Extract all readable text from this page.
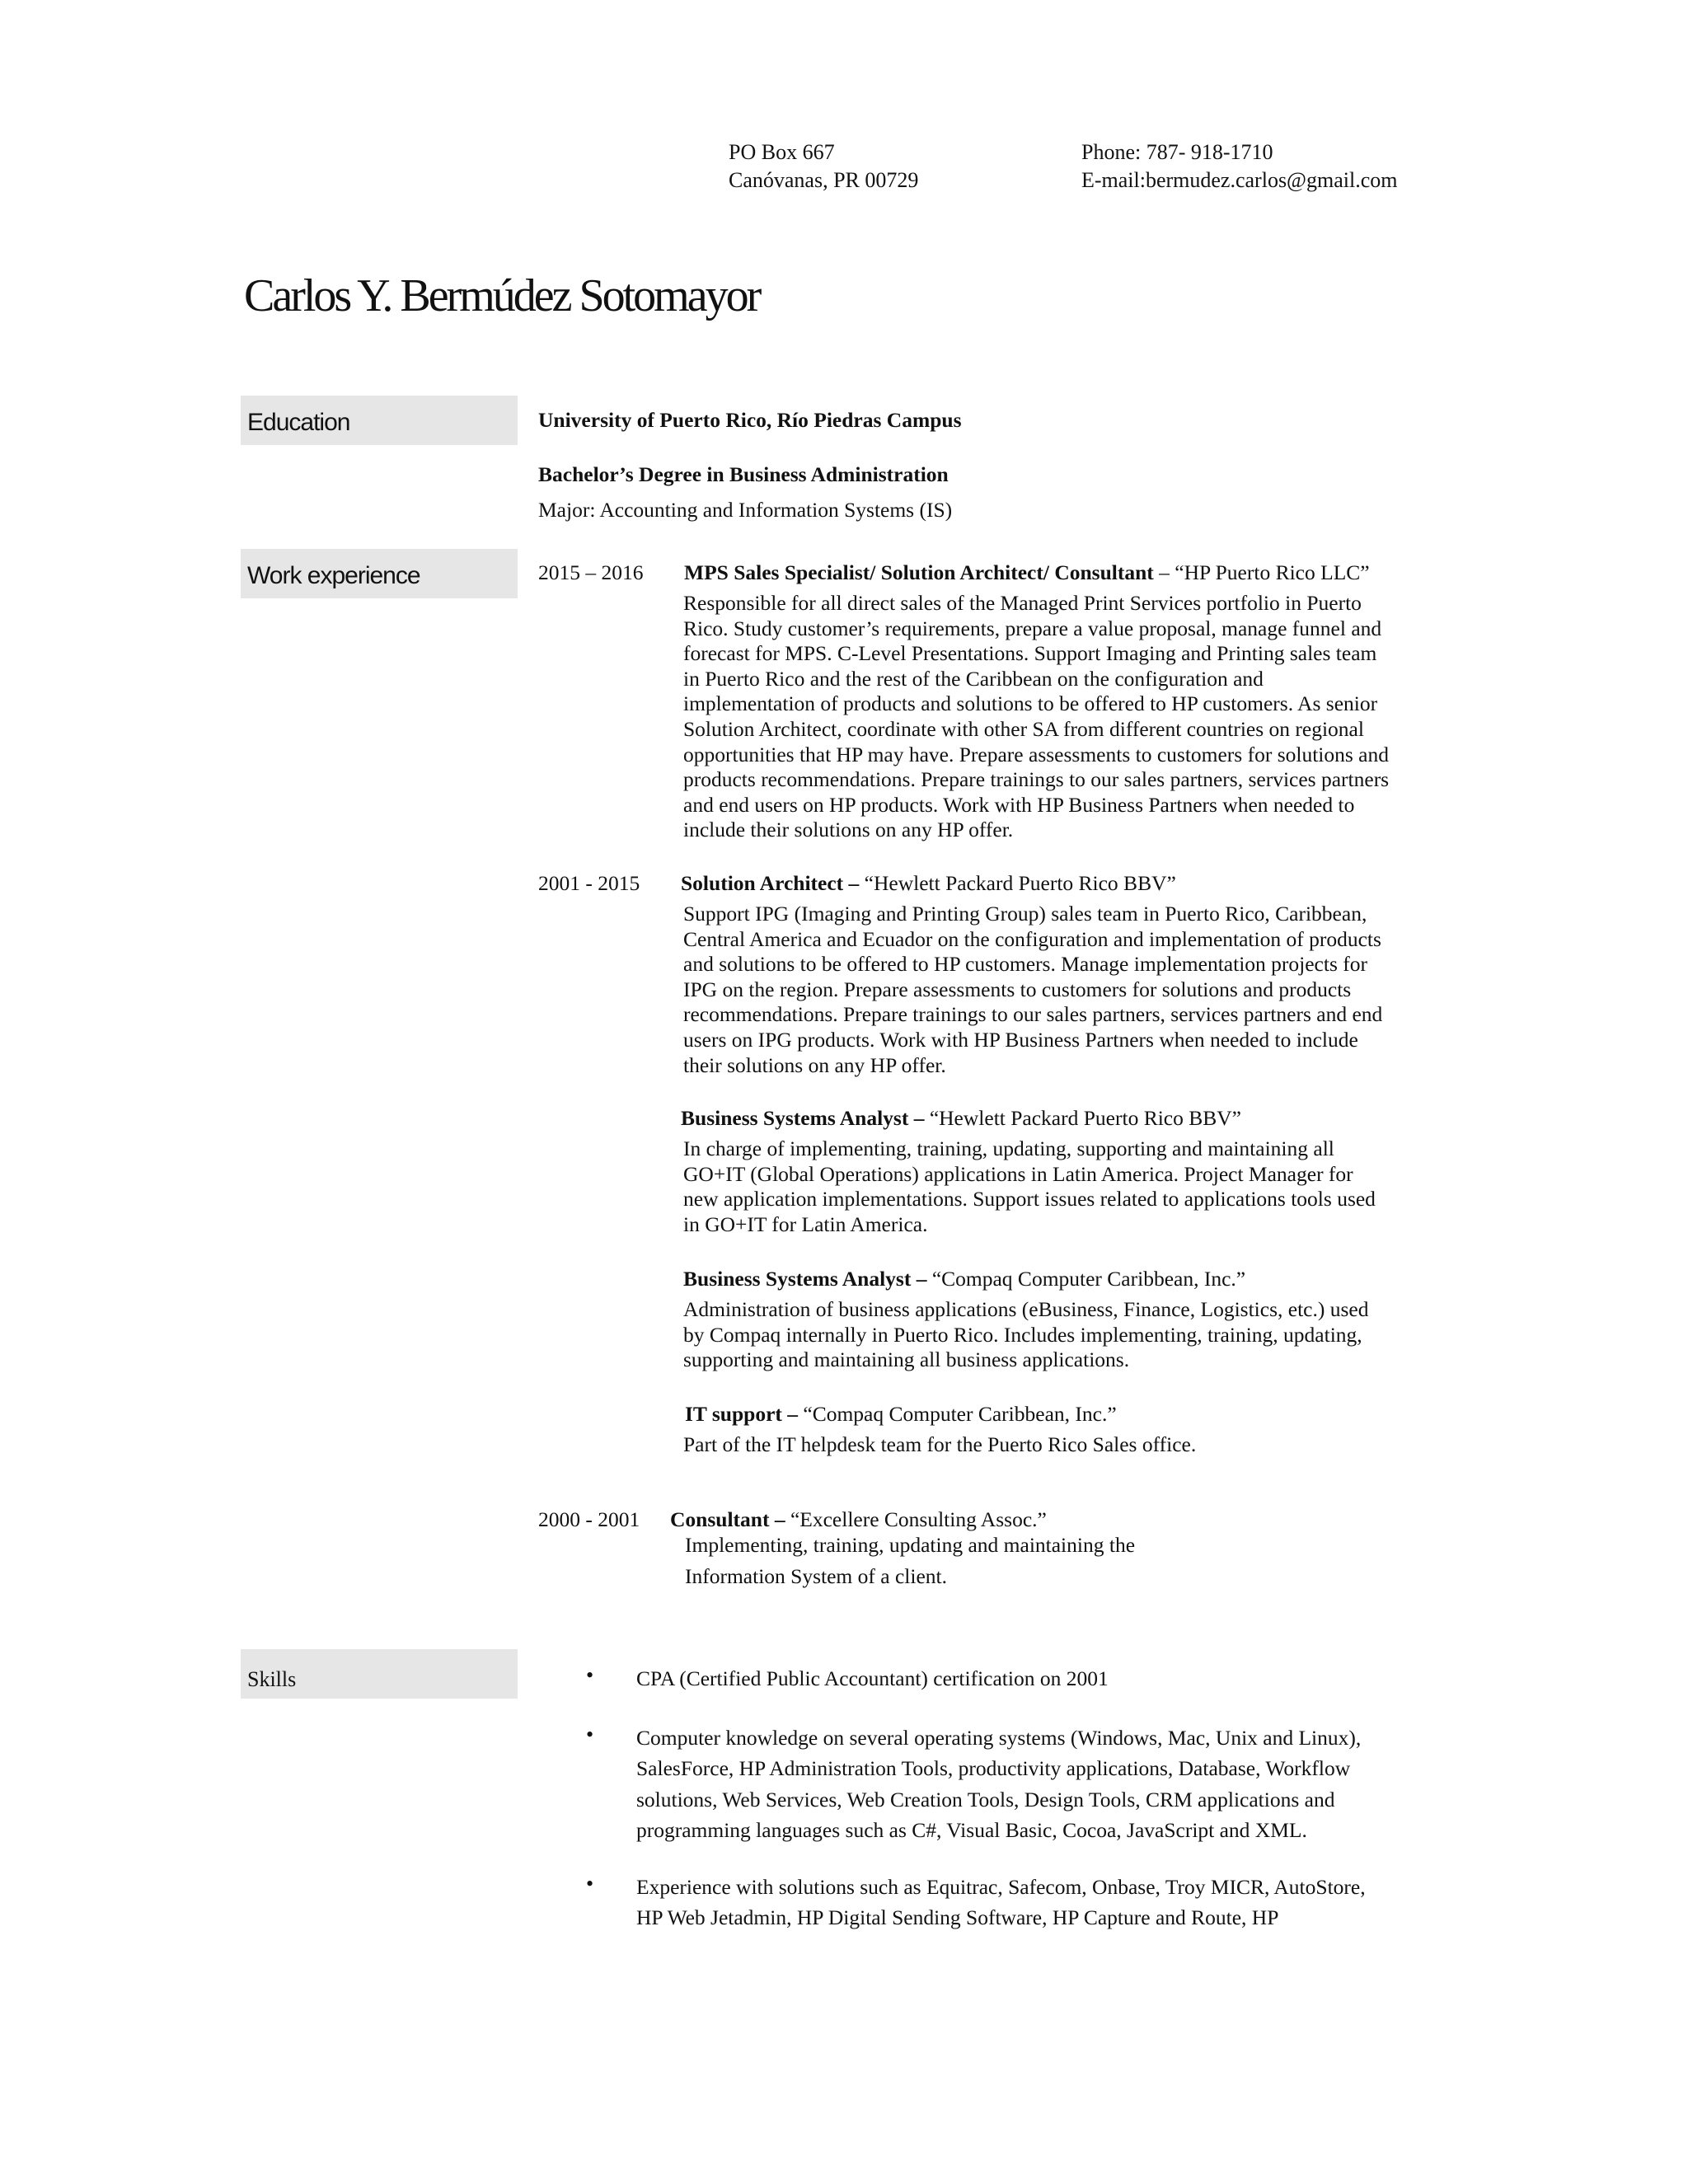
PO Box 667
Canóvanas, PR 00729
Phone: 787- 918-1710
E-mail:bermudez.carlos@gmail.com
Carlos Y. Bermúdez Sotomayor
Education	University of Puerto Rico, Río Piedras Campus
Bachelor’s Degree in Business Administration
Major: Accounting and Information Systems (IS)
Work experience	2015 – 2016 MPS Sales Specialist/ Solution Architect/ Consultant – “HP Puerto Rico LLC”
Responsible for all direct sales of the Managed Print Services portfolio in Puerto
Rico. Study customer’s requirements, prepare a value proposal, manage funnel and
forecast for MPS. C-Level Presentations. Support Imaging and Printing sales team
in Puerto Rico and the rest of the Caribbean on the configuration and
implementation of products and solutions to be offered to HP customers. As senior
Solution Architect, coordinate with other SA from different countries on regional
opportunities that HP may have. Prepare assessments to customers for solutions and
products recommendations. Prepare trainings to our sales partners, services partners
and end users on HP products. Work with HP Business Partners when needed to
include their solutions on any HP offer.
2001 - 2015 Solution Architect – “Hewlett Packard Puerto Rico BBV”
Support IPG (Imaging and Printing Group) sales team in Puerto Rico, Caribbean,
Central America and Ecuador on the configuration and implementation of products
and solutions to be offered to HP customers. Manage implementation projects for
IPG on the region. Prepare assessments to customers for solutions and products
recommendations. Prepare trainings to our sales partners, services partners and end
users on IPG products. Work with HP Business Partners when needed to include
their solutions on any HP offer.
Business Systems Analyst – “Hewlett Packard Puerto Rico BBV”
In charge of implementing, training, updating, supporting and maintaining all
GO+IT (Global Operations) applications in Latin America. Project Manager for
new application implementations. Support issues related to applications tools used
in GO+IT for Latin America.
Business Systems Analyst – “Compaq Computer Caribbean, Inc.”
Administration of business applications (eBusiness, Finance, Logistics, etc.) used
by Compaq internally in Puerto Rico. Includes implementing, training, updating,
supporting and maintaining all business applications.
IT support – “Compaq Computer Caribbean, Inc.”
Part of the IT helpdesk team for the Puerto Rico Sales office.
2000 - 2001 Consultant – “Excellere Consulting Assoc.”
Implementing, training, updating and maintaining the
Information System of a client.
Skills	• CPA (Certified Public Accountant) certification on 2001
• Computer knowledge on several operating systems (Windows, Mac, Unix and Linux),
SalesForce, HP Administration Tools, productivity applications, Database, Workflow
solutions, Web Services, Web Creation Tools, Design Tools, CRM applications and
programming languages such as C#, Visual Basic, Cocoa, JavaScript and XML.
• Experience with solutions such as Equitrac, Safecom, Onbase, Troy MICR, AutoStore,
HP Web Jetadmin, HP Digital Sending Software, HP Capture and Route, HP
